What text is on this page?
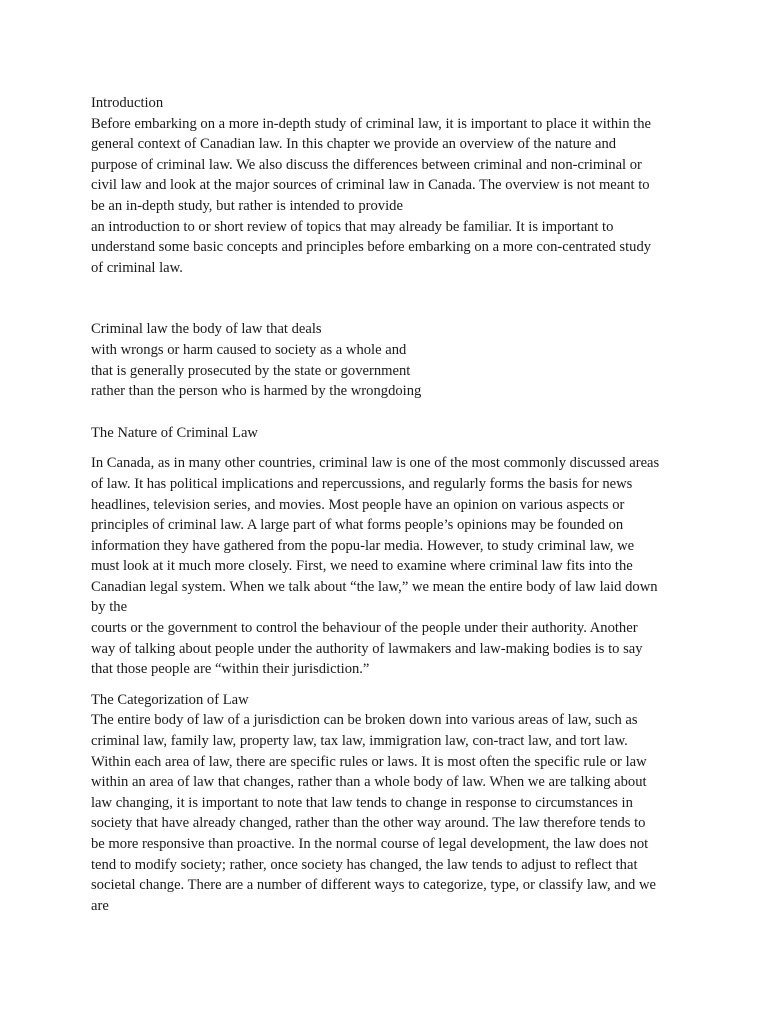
Introduction
Before embarking on a more in-depth study of criminal law, it is important to place it within the
general context of Canadian law. In this chapter we provide an overview of the nature and
purpose of criminal law. We also discuss the differences between criminal and non-criminal or
civil law and look at the major sources of criminal law in Canada. The overview is not meant to
be an in-depth study, but rather is intended to provide
an introduction to or short review of topics that may already be familiar. It is important to
understand some basic concepts and principles before embarking on a more con-centrated study
of criminal law.
Criminal law the body of law that deals
with wrongs or harm caused to society as a whole and
that is generally prosecuted by the state or government
rather than the person who is harmed by the wrongdoing
The Nature of Criminal Law
In Canada, as in many other countries, criminal law is one of the most commonly discussed areas
of law. It has political implications and repercussions, and regularly forms the basis for news
headlines, television series, and movies. Most people have an opinion on various aspects or
principles of criminal law. A large part of what forms people’s opinions may be founded on
information they have gathered from the popu-lar media. However, to study criminal law, we
must look at it much more closely. First, we need to examine where criminal law fits into the
Canadian legal system. When we talk about “the law,” we mean the entire body of law laid down
by the
courts or the government to control the behaviour of the people under their authority. Another
way of talking about people under the authority of lawmakers and law-making bodies is to say
that those people are “within their jurisdiction.”
The Categorization of Law
The entire body of law of a jurisdiction can be broken down into various areas of law, such as
criminal law, family law, property law, tax law, immigration law, con-tract law, and tort law.
Within each area of law, there are specific rules or laws. It is most often the specific rule or law
within an area of law that changes, rather than a whole body of law. When we are talking about
law changing, it is important to note that law tends to change in response to circumstances in
society that have already changed, rather than the other way around. The law therefore tends to
be more responsive than proactive. In the normal course of legal development, the law does not
tend to modify society; rather, once society has changed, the law tends to adjust to reflect that
societal change. There are a number of different ways to categorize, type, or classify law, and we
are
